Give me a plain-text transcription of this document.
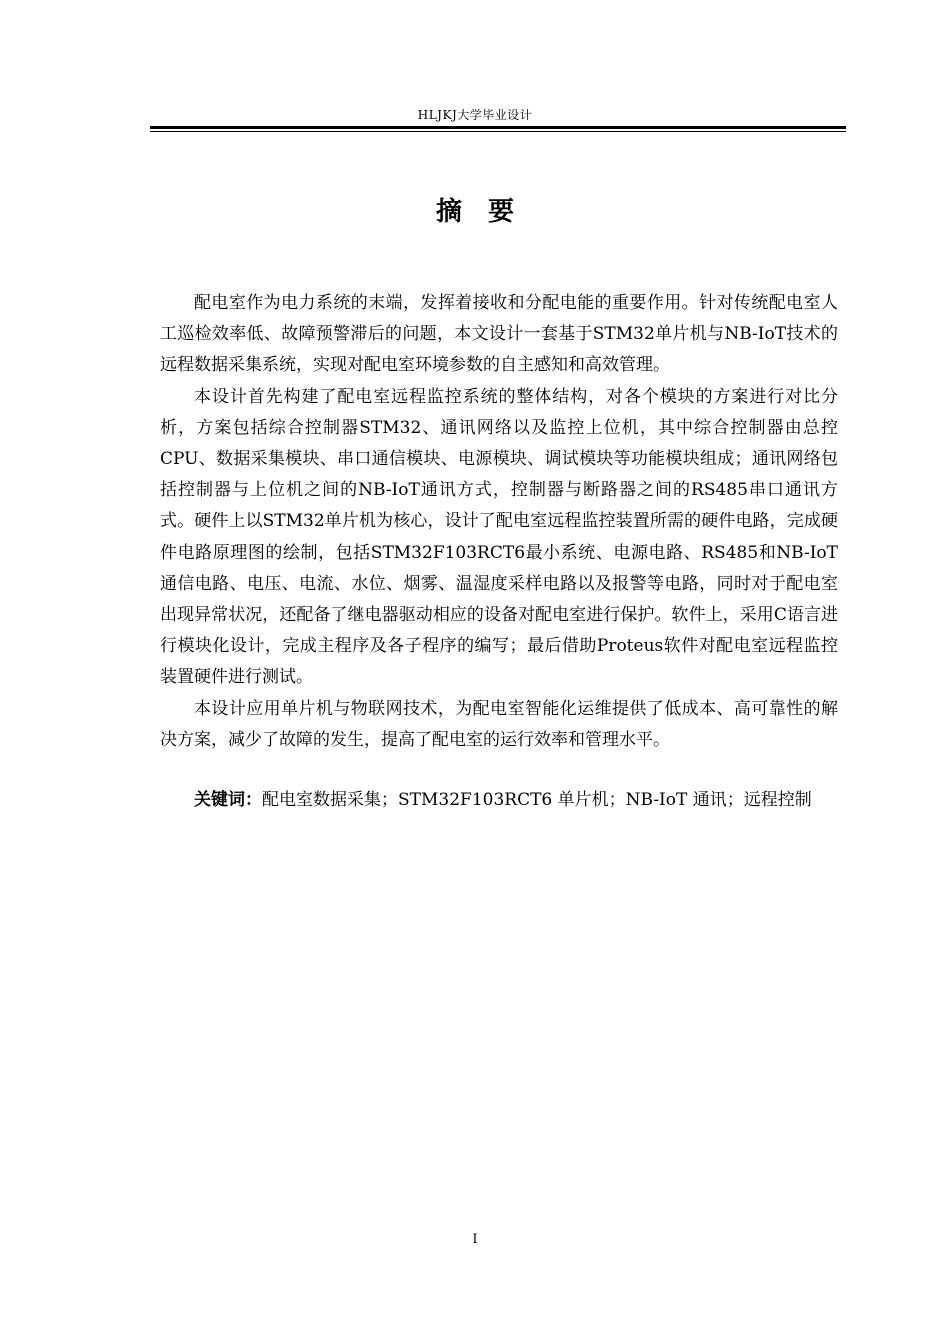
HLJKJ大学毕业设计
摘　要

配电室作为电力系统的末端，发挥着接收和分配电能的重要作用。针对传统配电室人工巡检效率低、故障预警滞后的问题，本文设计一套基于STM32单片机与NB-IoT技术的远程数据采集系统，实现对配电室环境参数的自主感知和高效管理。

本设计首先构建了配电室远程监控系统的整体结构，对各个模块的方案进行对比分析，方案包括综合控制器STM32、通讯网络以及监控上位机，其中综合控制器由总控 CPU、数据采集模块、串口通信模块、电源模块、调试模块等功能模块组成；通讯网络包括控制器与上位机之间的NB-IoT通讯方式，控制器与断路器之间的RS485串口通讯方式。硬件上以STM32单片机为核心，设计了配电室远程监控装置所需的硬件电路，完成硬件电路原理图的绘制，包括STM32F103RCT6最小系统、电源电路、RS485和NB-IoT通信电路、电压、电流、水位、烟雾、温湿度采样电路以及报警等电路，同时对于配电室出现异常状况，还配备了继电器驱动相应的设备对配电室进行保护。软件上，采用C语言进行模块化设计，完成主程序及各子程序的编写；最后借助Proteus软件对配电室远程监控装置硬件进行测试。

本设计应用单片机与物联网技术，为配电室智能化运维提供了低成本、高可靠性的解决方案，减少了故障的发生，提高了配电室的运行效率和管理水平。

关键词：配电室数据采集；STM32F103RCT6 单片机；NB-IoT 通讯；远程控制
I
